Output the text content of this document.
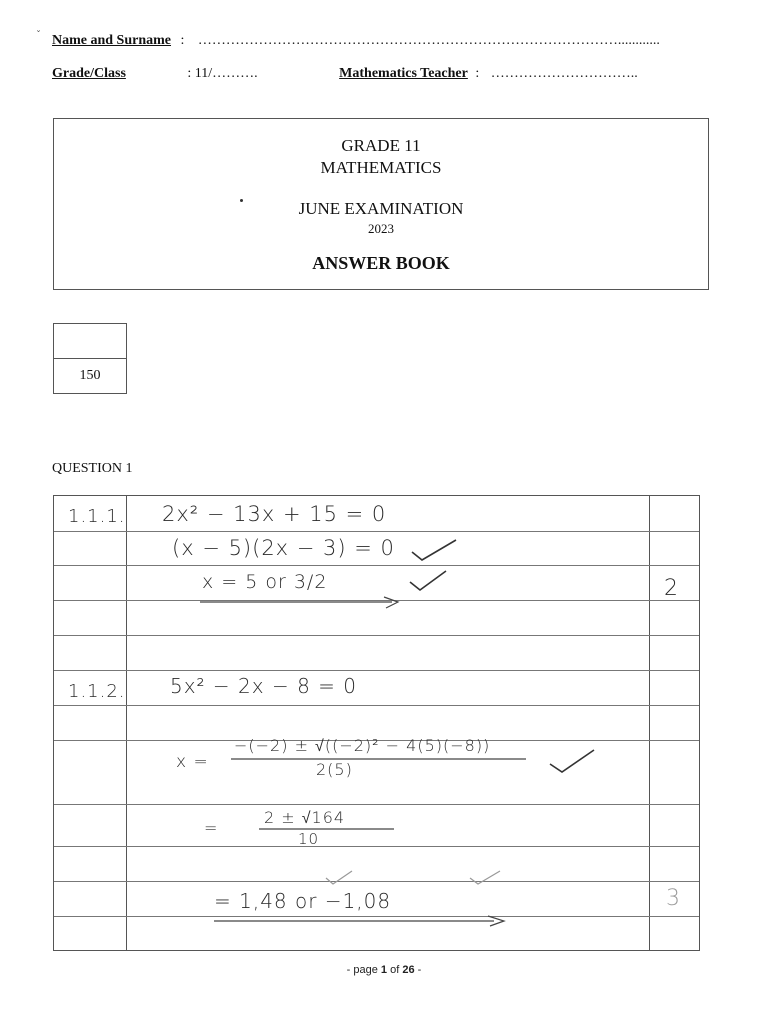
ˇ Name and Surname : ………………………………………………………………………………............
Grade/Class	: 11/……….	Mathematics Teacher : …………………………..
GRADE 11
MATHEMATICS
JUNE EXAMINATION
2023
ANSWER BOOK
150
QUESTION 1
1.1.1. 2x² − 13x + 15 = 0
(x − 5)(2x − 3) = 0
x = 5 or 3/2	2
1.1.2. 5x² − 2x − 8 = 0
x =
−(−2) ± √((−2)² − 4(5)(−8))
2(5)
=
2 ± √164
10
= 1,48 or −1,08	3
- page 1 of 26 -
